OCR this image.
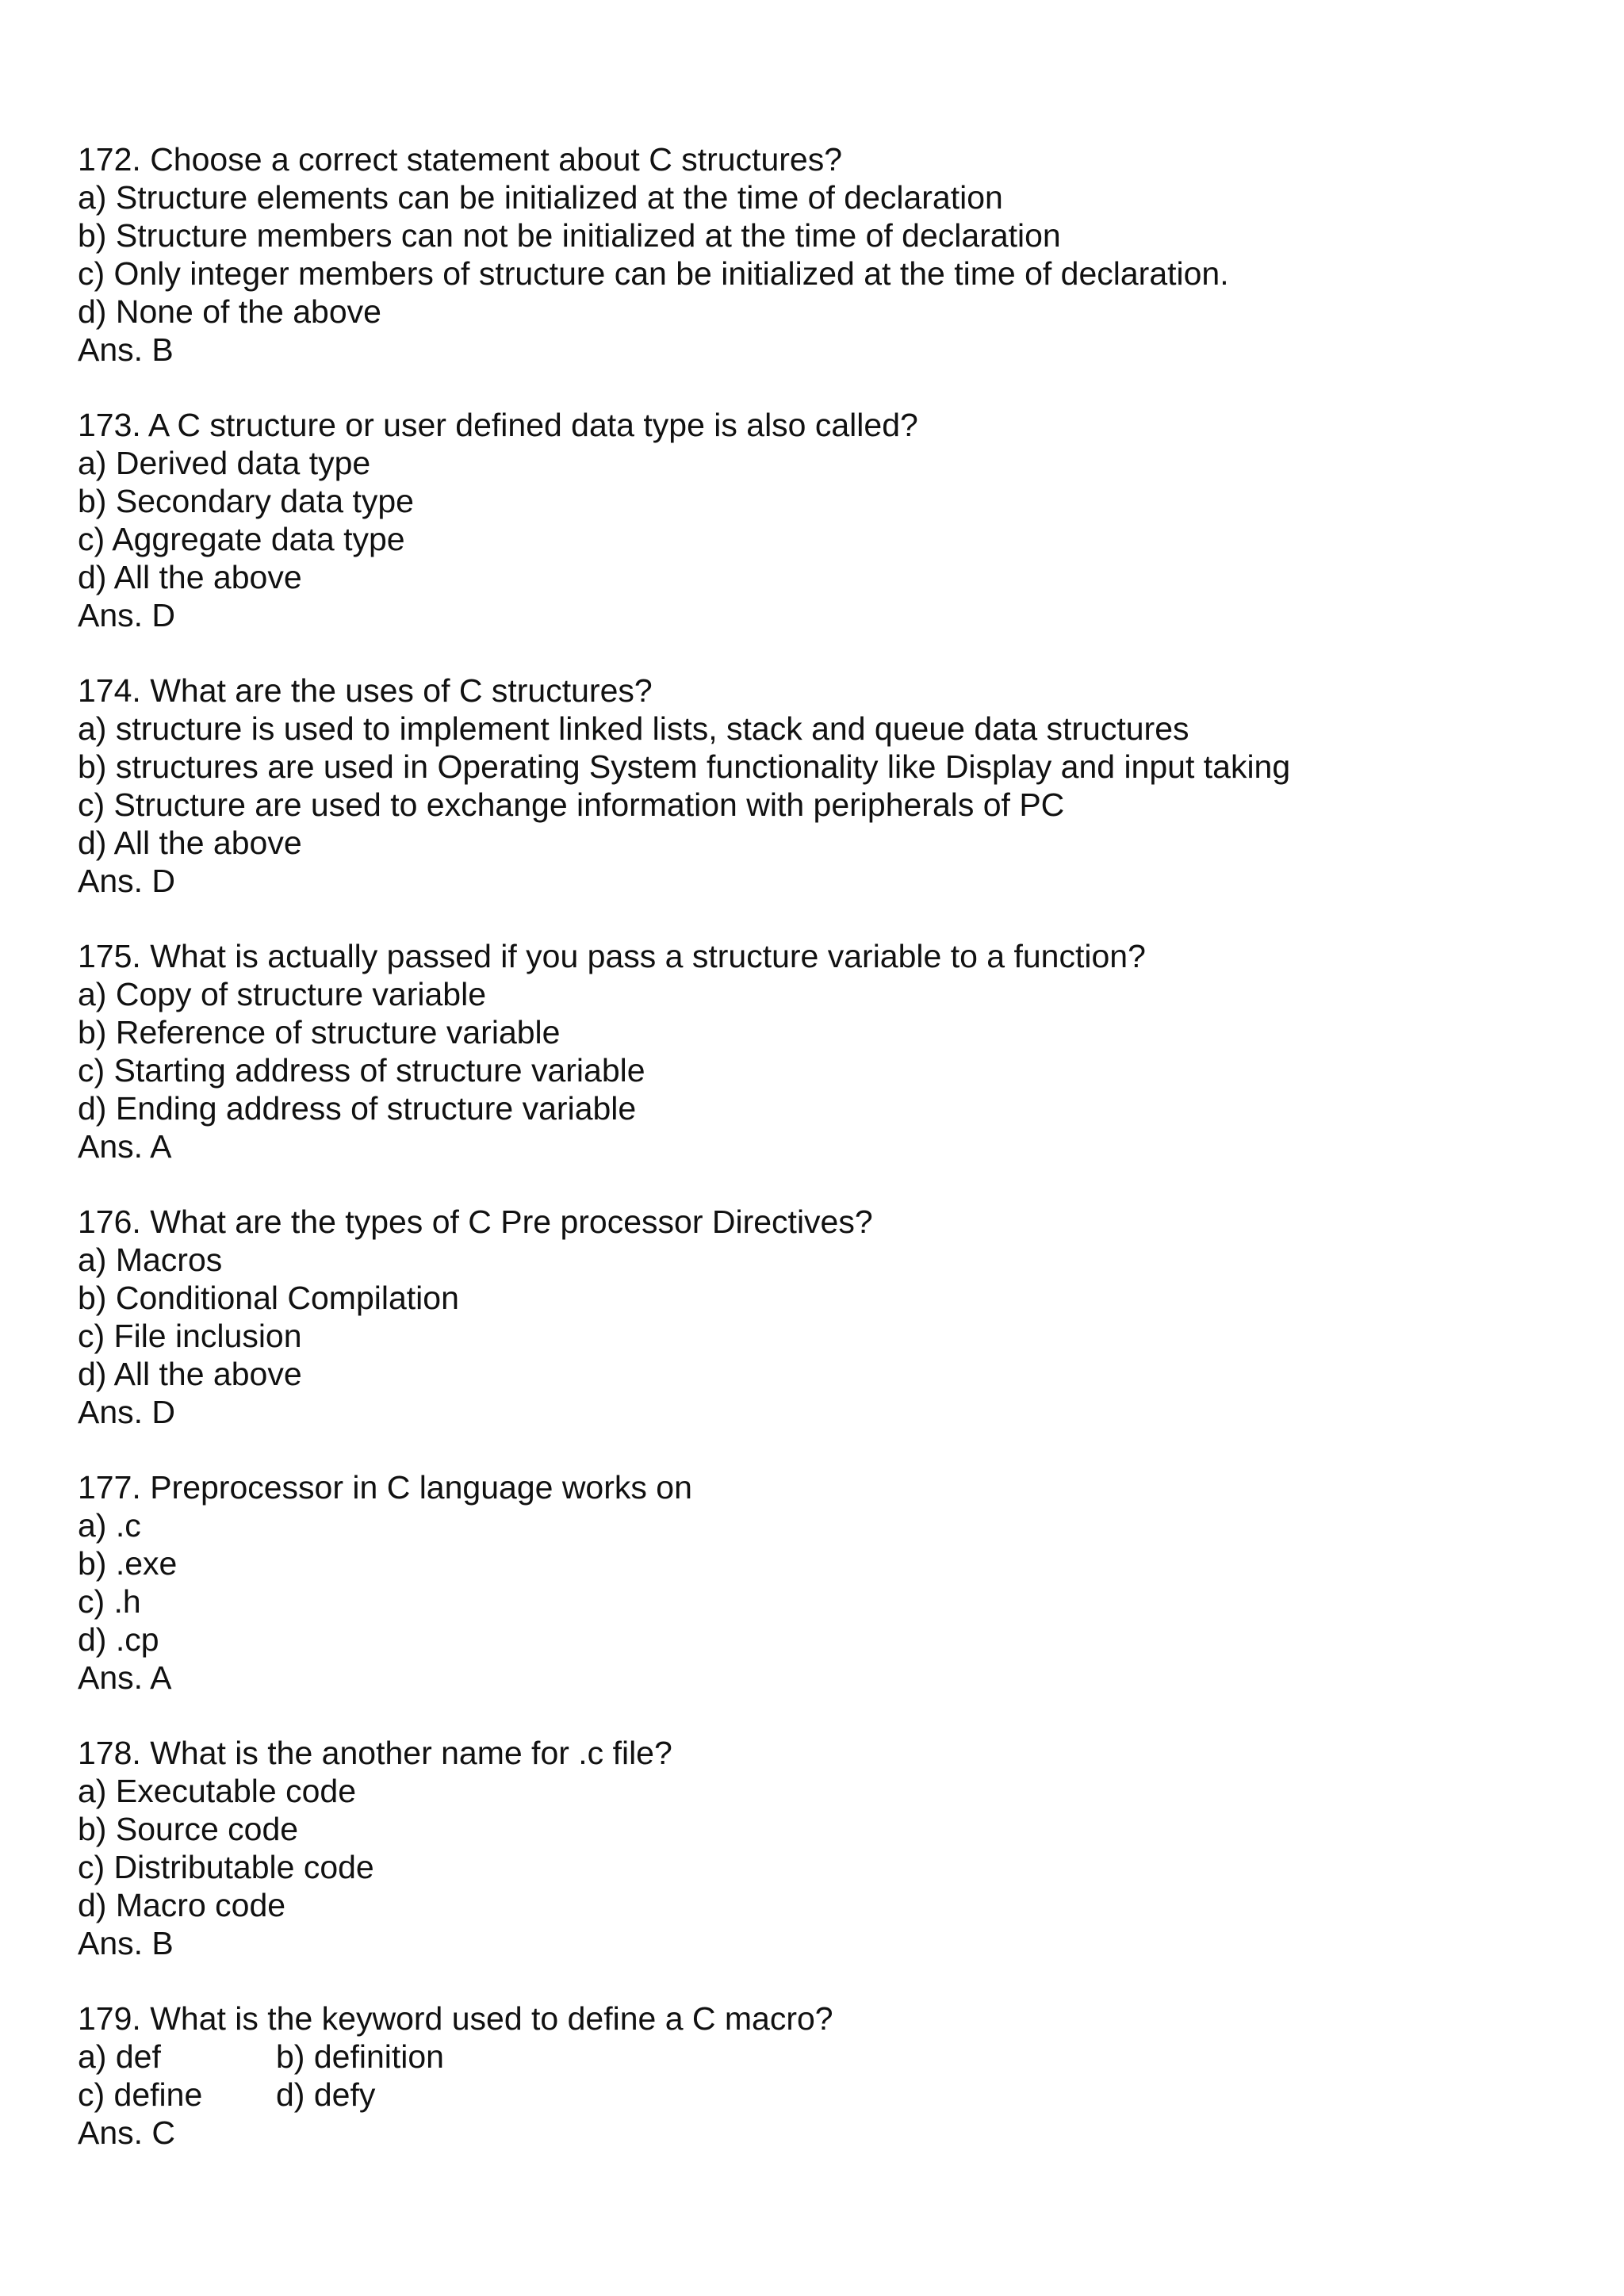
172. Choose a correct statement about C structures?
a) Structure elements can be initialized at the time of declaration
b) Structure members can not be initialized at the time of declaration
c) Only integer members of structure can be initialized at the time of declaration.
d) None of the above
Ans. B
173. A C structure or user defined data type is also called?
a) Derived data type
b) Secondary data type
c) Aggregate data type
d) All the above
Ans. D
174. What are the uses of C structures?
a) structure is used to implement linked lists, stack and queue data structures
b) structures are used in Operating System functionality like Display and input taking
c) Structure are used to exchange information with peripherals of PC
d) All the above
Ans. D
175. What is actually passed if you pass a structure variable to a function?
a) Copy of structure variable
b) Reference of structure variable
c) Starting address of structure variable
d) Ending address of structure variable
Ans. A
176. What are the types of C Pre processor Directives?
a) Macros
b) Conditional Compilation
c) File inclusion
d) All the above
Ans. D
177. Preprocessor in C language works on
a) .c
b) .exe
c) .h
d) .cp
Ans. A
178. What is the another name for .c file?
a) Executable code
b) Source code
c) Distributable code
d) Macro code
Ans. B
179. What is the keyword used to define a C macro?
a) def	b) definition
c) define	d) defy
Ans. C
